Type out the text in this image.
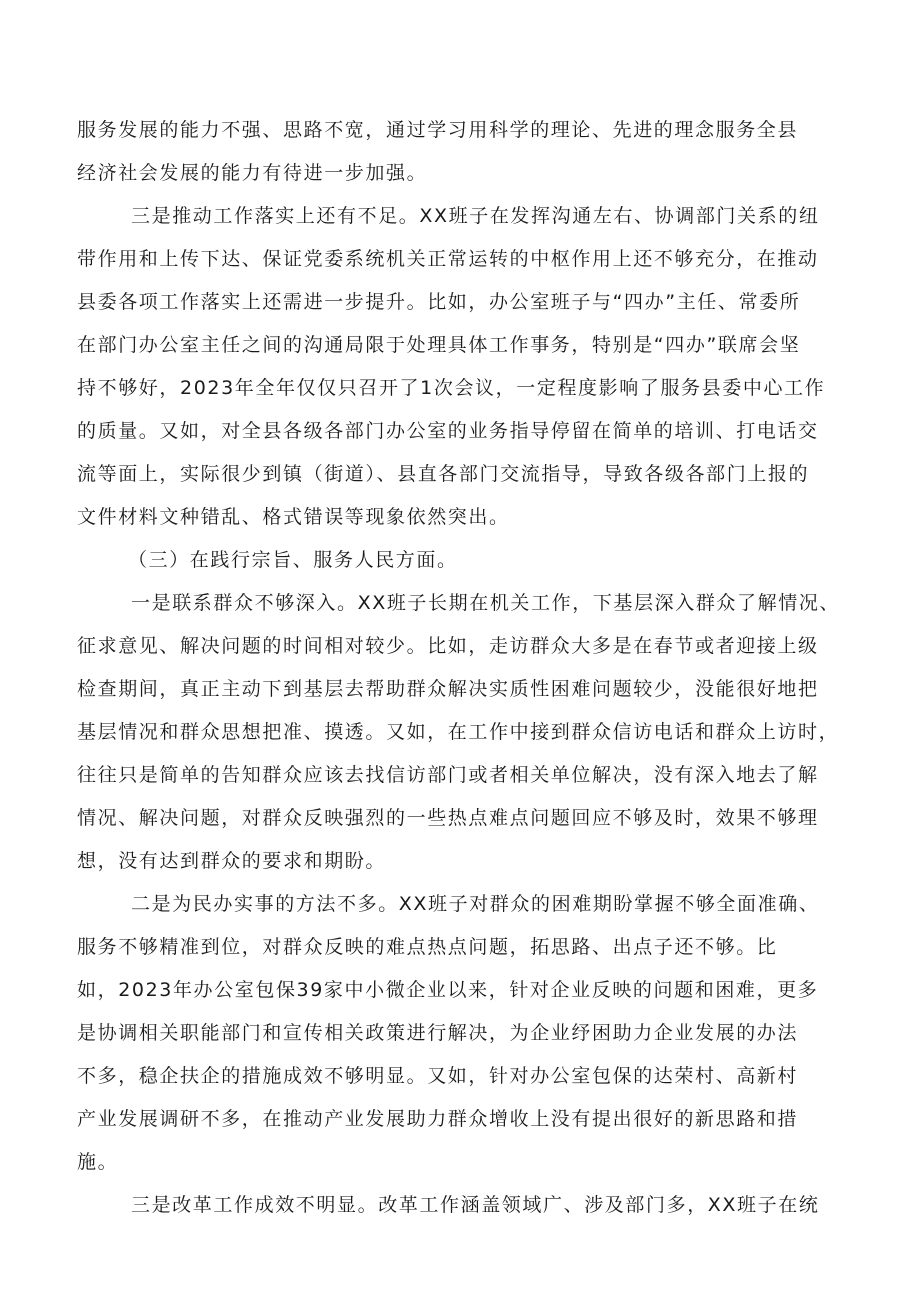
服务发展的能力不强、思路不宽，通过学习用科学的理论、先进的理念服务全县
经济社会发展的能力有待进一步加强。
三是推动工作落实上还有不足。XX班子在发挥沟通左右、协调部门关系的纽
带作用和上传下达、保证党委系统机关正常运转的中枢作用上还不够充分，在推动
县委各项工作落实上还需进一步提升。比如，办公室班子与“四办”主任、常委所
在部门办公室主任之间的沟通局限于处理具体工作事务，特别是“四办”联席会坚
持不够好，2023年全年仅仅只召开了1次会议，一定程度影响了服务县委中心工作
的质量。又如，对全县各级各部门办公室的业务指导停留在简单的培训、打电话交
流等面上，实际很少到镇（街道）、县直各部门交流指导，导致各级各部门上报的
文件材料文种错乱、格式错误等现象依然突出。
（三）在践行宗旨、服务人民方面。
一是联系群众不够深入。XX班子长期在机关工作，下基层深入群众了解情况、
征求意见、解决问题的时间相对较少。比如，走访群众大多是在春节或者迎接上级
检查期间，真正主动下到基层去帮助群众解决实质性困难问题较少，没能很好地把
基层情况和群众思想把准、摸透。又如，在工作中接到群众信访电话和群众上访时，
往往只是简单的告知群众应该去找信访部门或者相关单位解决，没有深入地去了解
情况、解决问题，对群众反映强烈的一些热点难点问题回应不够及时，效果不够理
想，没有达到群众的要求和期盼。
二是为民办实事的方法不多。XX班子对群众的困难期盼掌握不够全面准确、
服务不够精准到位，对群众反映的难点热点问题，拓思路、出点子还不够。比
如，2023年办公室包保39家中小微企业以来，针对企业反映的问题和困难，更多
是协调相关职能部门和宣传相关政策进行解决，为企业纾困助力企业发展的办法
不多，稳企扶企的措施成效不够明显。又如，针对办公室包保的达荣村、高新村
产业发展调研不多，在推动产业发展助力群众增收上没有提出很好的新思路和措
施。
三是改革工作成效不明显。改革工作涵盖领域广、涉及部门多，XX班子在统
